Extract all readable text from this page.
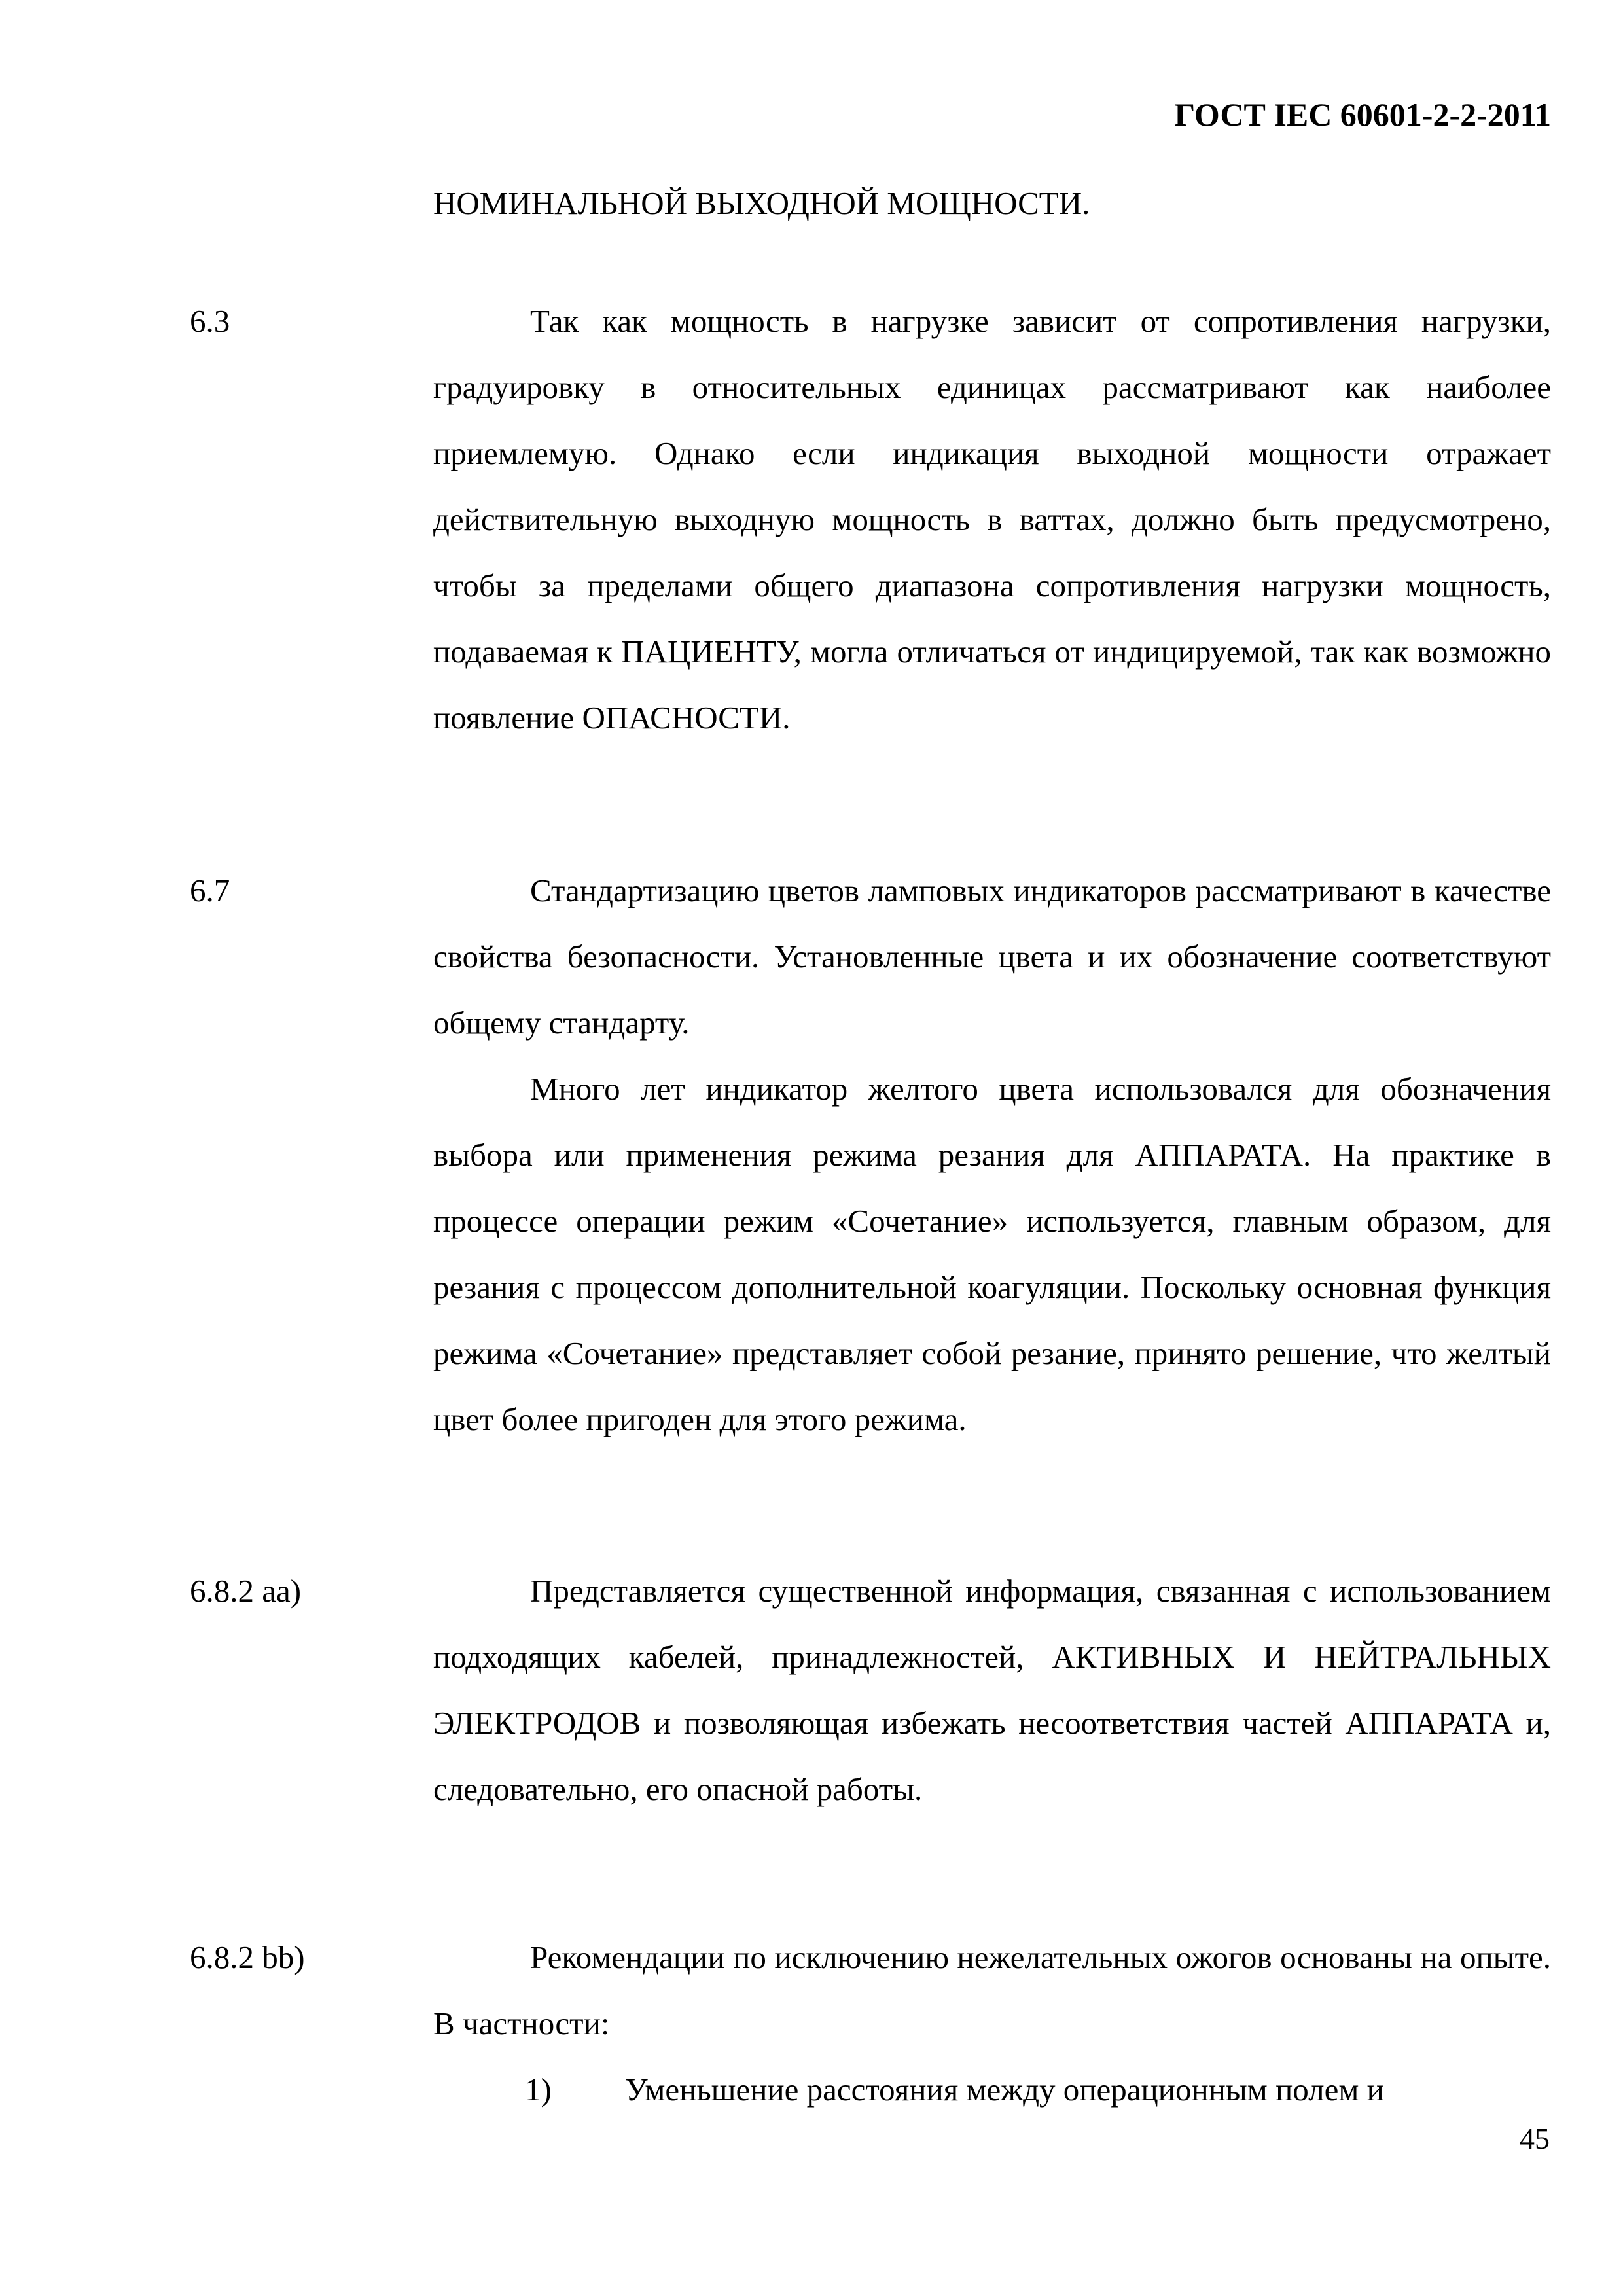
ГОСТ IEC 60601-2-2-2011
НОМИНАЛЬНОЙ ВЫХОДНОЙ МОЩНОСТИ.
6.3	Так как мощность в нагрузке зависит от сопротивления нагрузки, градуировку в относительных единицах рассматривают как наиболее приемлемую. Однако если индикация выходной мощности отражает действительную выходную мощность в ваттах, должно быть предусмотрено, чтобы за пределами общего диапазона сопротивления нагрузки мощность, подаваемая к ПАЦИЕНТУ, могла отличаться от индицируемой, так как возможно появление ОПАСНОСТИ.

6.7	Стандартизацию цветов ламповых индикаторов рассматривают в качестве свойства безопасности. Установленные цвета и их обозначение соответствуют общему стандарту.

Много лет индикатор желтого цвета использовался для обозначения выбора или применения режима резания для АППАРАТА. На практике в процессе операции режим «Сочетание» используется, главным образом, для резания с процессом дополнительной коагуляции. Поскольку основная функция режима «Сочетание» представляет собой резание, принято решение, что желтый цвет более пригоден для этого режима.

6.8.2 aa)	Представляется существенной информация, связанная с использованием подходящих кабелей, принадлежностей, АКТИВНЫХ И НЕЙТРАЛЬНЫХ ЭЛЕКТРОДОВ и позволяющая избежать несоответствия частей АППАРАТА и, следовательно, его опасной работы.

6.8.2 bb)	Рекомендации по исключению нежелательных ожогов основаны на опыте. В частности:

1) Уменьшение расстояния между операционным полем и
45
